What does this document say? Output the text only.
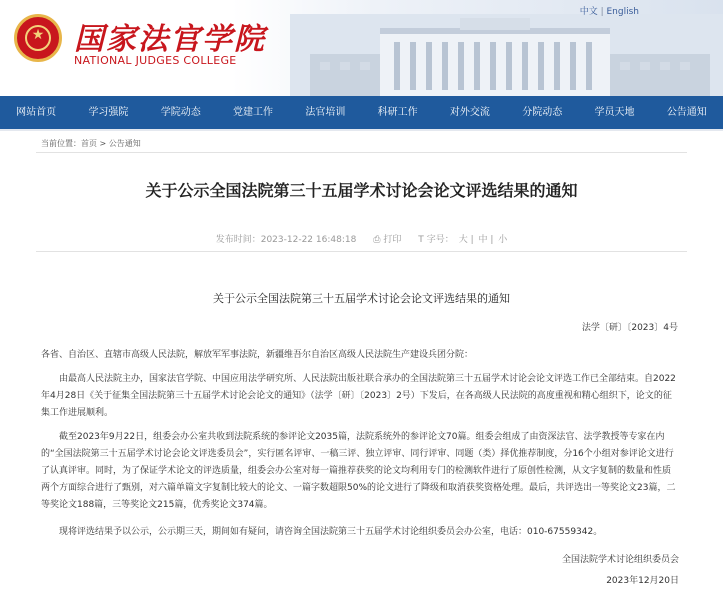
★ 国家法官学院
NATIONAL JUDGES COLLEGE
中文 | English
网站首页	学习强院	学院动态	党建工作	法官培训	科研工作	对外交流	分院动态	学员天地	公告通知
当前位置：首页 > 公告通知
关于公示全国法院第三十五届学术讨论会论文评选结果的通知
发布时间：2023-12-22 16:48:18 ⎙ 打印 T 字号： 大 | 中 | 小
关于公示全国法院第三十五届学术讨论会论文评选结果的通知
法学〔研〕〔2023〕4号
各省、自治区、直辖市高级人民法院，解放军军事法院，新疆维吾尔自治区高级人民法院生产建设兵团分院：
由最高人民法院主办，国家法官学院、中国应用法学研究所、人民法院出版社联合承办的全国法院第三十五届学术讨论会论文评选工作已全部结束。自2022年4月28日《关于征集全国法院第三十五届学术讨论会论文的通知》（法学〔研〕〔2023〕2号）下发后，在各高级人民法院的高度重视和精心组织下，论文的征集工作进展顺利。
截至2023年9月22日，组委会办公室共收到法院系统的参评论文2035篇，法院系统外的参评论文70篇。组委会组成了由资深法官、法学教授等专家在内的“全国法院第三十五届学术讨论会论文评选委员会”，实行匿名评审、一稿三评、独立评审、同行评审、同题（类）择优推荐制度，分16个小组对参评论文进行了认真评审。同时，为了保证学术论文的评选质量，组委会办公室对每一篇推荐获奖的论文均利用专门的检测软件进行了原创性检测，从文字复制的数量和性质两个方面综合进行了甄别，对六篇单篇文字复制比较大的论文、一篇字数超限50%的论文进行了降级和取消获奖资格处理。最后，共评选出一等奖论文23篇，二等奖论文188篇，三等奖论文215篇，优秀奖论文374篇。
现将评选结果予以公示，公示期三天，期间如有疑问，请咨询全国法院第三十五届学术讨论组织委员会办公室，电话：010-67559342。
全国法院学术讨论组织委员会
2023年12月20日
